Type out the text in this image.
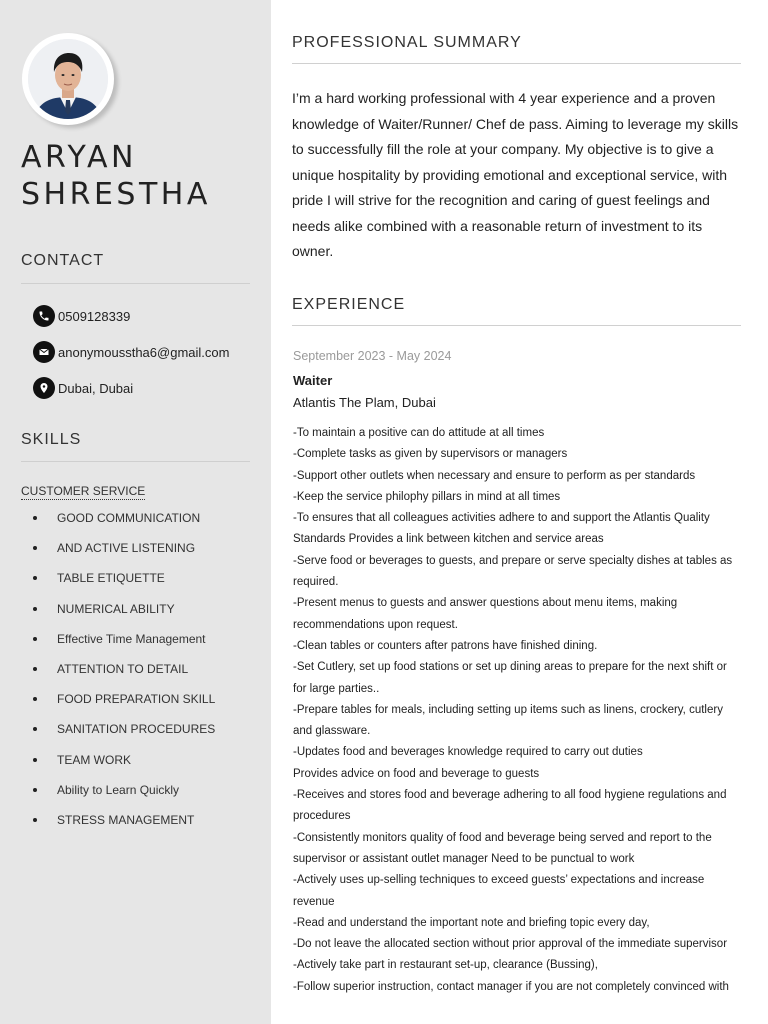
ARYAN
SHRESTHA
CONTACT
0509128339
anonymousstha6@gmail.com
Dubai, Dubai
SKILLS
CUSTOMER SERVICE
GOOD COMMUNICATION
AND ACTIVE LISTENING
TABLE ETIQUETTE
NUMERICAL ABILITY
Effective Time Management
ATTENTION TO DETAIL
FOOD PREPARATION SKILL
SANITATION PROCEDURES
TEAM WORK
Ability to Learn Quickly
STRESS MANAGEMENT
PROFESSIONAL SUMMARY

I’m a hard working professional with 4 year experience and a proven knowledge of Waiter/Runner/ Chef de pass. Aiming to leverage my skills to successfully fill the role at your company. My objective is to give a unique hospitality by providing emotional and exceptional service, with pride I will strive for the recognition and caring of guest feelings and needs alike combined with a reasonable return of investment to its owner.

EXPERIENCE
September 2023 - May 2024
Waiter
Atlantis The Plam, Dubai
-To maintain a positive can do attitude at all times
-Complete tasks as given by supervisors or managers
-Support other outlets when necessary and ensure to perform as per standards
-Keep the service philophy pillars in mind at all times
-To ensures that all colleagues activities adhere to and support the Atlantis Quality
Standards Provides a link between kitchen and service areas
-Serve food or beverages to guests, and prepare or serve specialty dishes at tables as
required.
-Present menus to guests and answer questions about menu items, making
recommendations upon request.
-Clean tables or counters after patrons have finished dining.
-Set Cutlery, set up food stations or set up dining areas to prepare for the next shift or
for large parties..
-Prepare tables for meals, including setting up items such as linens, crockery, cutlery
and glassware.
-Updates food and beverages knowledge required to carry out duties
Provides advice on food and beverage to guests
-Receives and stores food and beverage adhering to all food hygiene regulations and
procedures
-Consistently monitors quality of food and beverage being served and report to the
supervisor or assistant outlet manager Need to be punctual to work
-Actively uses up-selling techniques to exceed guests’ expectations and increase
revenue
-Read and understand the important note and briefing topic every day,
-Do not leave the allocated section without prior approval of the immediate supervisor
-Actively take part in restaurant set-up, clearance (Bussing),
-Follow superior instruction, contact manager if you are not completely convinced with
